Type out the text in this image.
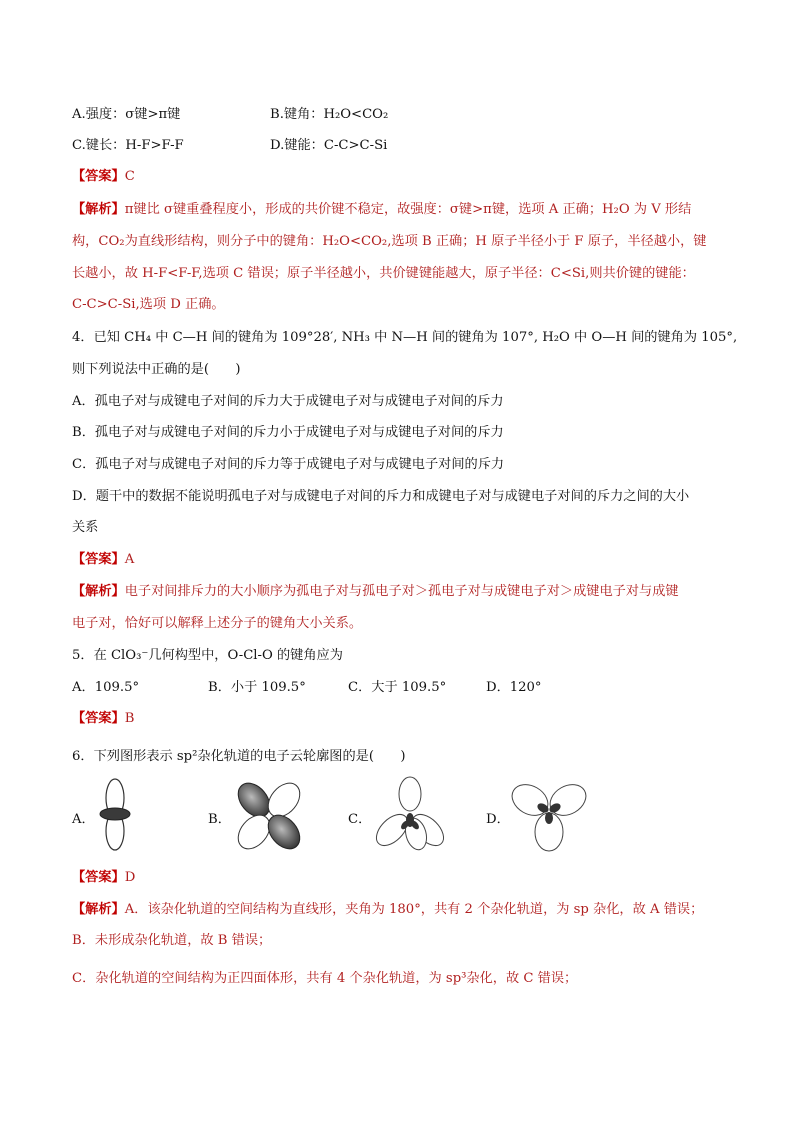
A.强度：σ键>π键	B.键角：H₂O<CO₂
C.键长：H-F>F-F	D.键能：C-C>C-Si
【答案】C
【解析】π键比 σ键重叠程度小，形成的共价键不稳定，故强度：σ键>π键，选项 A 正确；H₂O 为 V 形结
构，CO₂为直线形结构，则分子中的键角：H₂O<CO₂,选项 B 正确；H 原子半径小于 F 原子，半径越小，键
长越小，故 H-F<F-F,选项 C 错误；原子半径越小，共价键键能越大，原子半径：C<Si,则共价键的键能：
C-C>C-Si,选项 D 正确。
4．已知 CH₄ 中 C—H 间的键角为 109°28′, NH₃ 中 N—H 间的键角为 107°, H₂O 中 O—H 间的键角为 105°,
则下列说法中正确的是(　　)
A．孤电子对与成键电子对间的斥力大于成键电子对与成键电子对间的斥力
B．孤电子对与成键电子对间的斥力小于成键电子对与成键电子对间的斥力
C．孤电子对与成键电子对间的斥力等于成键电子对与成键电子对间的斥力
D．题干中的数据不能说明孤电子对与成键电子对间的斥力和成键电子对与成键电子对间的斥力之间的大小
关系
【答案】A
【解析】电子对间排斥力的大小顺序为孤电子对与孤电子对＞孤电子对与成键电子对＞成键电子对与成键
电子对，恰好可以解释上述分子的键角大小关系。
5．在 ClO₃⁻几何构型中，O-Cl-O 的键角应为
A．109.5°	B．小于 109.5°	C．大于 109.5°	D．120°
【答案】B
6．下列图形表示 sp²杂化轨道的电子云轮廓图的是(　　)
A．	B．	C．	D．
【答案】D
【解析】A．该杂化轨道的空间结构为直线形，夹角为 180°，共有 2 个杂化轨道，为 sp 杂化，故 A 错误；
B．未形成杂化轨道，故 B 错误；
C．杂化轨道的空间结构为正四面体形，共有 4 个杂化轨道，为 sp³杂化，故 C 错误；
